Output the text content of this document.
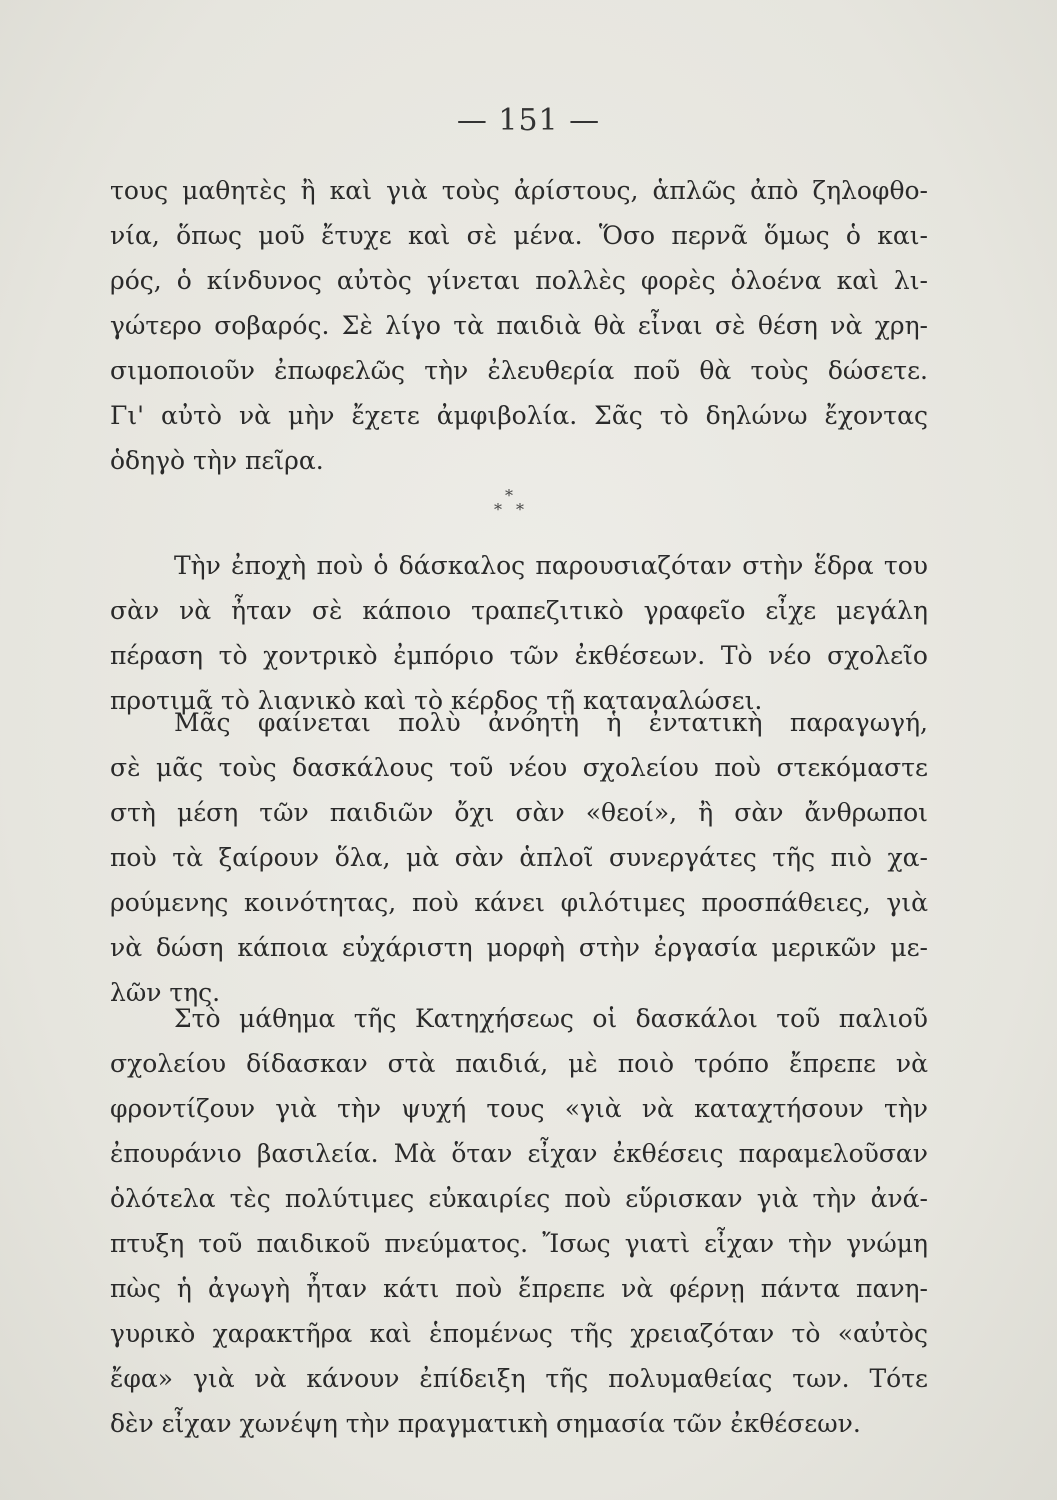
— 151 —
τους μαθητὲς ἢ καὶ γιὰ τοὺς ἀρίστους, ἁπλῶς ἀπὸ ζηλοφθο-
νία, ὅπως μοῦ ἔτυχε καὶ σὲ μένα. Ὅσο περνᾶ ὅμως ὁ και-
ρός, ὁ κίνδυνος αὐτὸς γίνεται πολλὲς φορὲς ὁλοένα καὶ λι-
γώτερο σοβαρός. Σὲ λίγο τὰ παιδιὰ θὰ εἶναι σὲ θέση νὰ χρη-
σιμοποιοῦν ἐπωφελῶς τὴν ἐλευθερία ποῦ θὰ τοὺς δώσετε.
Γι' αὐτὸ νὰ μὴν ἔχετε ἀμφιβολία. Σᾶς τὸ δηλώνω ἔχοντας
ὁδηγὸ τὴν πεῖρα.
*
* *
Τὴν ἐποχὴ ποὺ ὁ δάσκαλος παρουσιαζόταν στὴν ἕδρα του
σὰν νὰ ἦταν σὲ κάποιο τραπεζιτικὸ γραφεῖο εἶχε μεγάλη
πέραση τὸ χοντρικὸ ἐμπόριο τῶν ἐκθέσεων. Τὸ νέο σχολεῖο
προτιμᾶ τὸ λιανικὸ καὶ τὸ κέρδος τῇ καταναλώσει.
Μᾶς φαίνεται πολὺ ἀνόητη ἡ ἐντατικὴ παραγωγή,
σὲ μᾶς τοὺς δασκάλους τοῦ νέου σχολείου ποὺ στεκόμαστε
στὴ μέση τῶν παιδιῶν ὄχι σὰν «θεοί», ἢ σὰν ἄνθρωποι
ποὺ τὰ ξαίρουν ὅλα, μὰ σὰν ἁπλοῖ συνεργάτες τῆς πιὸ χα-
ρούμενης κοινότητας, ποὺ κάνει φιλότιμες προσπάθειες, γιὰ
νὰ δώση κάποια εὐχάριστη μορφὴ στὴν ἐργασία μερικῶν με-
λῶν της.
Στὸ μάθημα τῆς Κατηχήσεως οἱ δασκάλοι τοῦ παλιοῦ
σχολείου δίδασκαν στὰ παιδιά, μὲ ποιὸ τρόπο ἔπρεπε νὰ
φροντίζουν γιὰ τὴν ψυχή τους «γιὰ νὰ καταχτήσουν τὴν
ἐπουράνιο βασιλεία. Μὰ ὅταν εἶχαν ἐκθέσεις παραμελοῦσαν
ὁλότελα τὲς πολύτιμες εὐκαιρίες ποὺ εὕρισκαν γιὰ τὴν ἀνά-
πτυξη τοῦ παιδικοῦ πνεύματος. Ἴσως γιατὶ εἶχαν τὴν γνώμη
πὼς ἡ ἀγωγὴ ἦταν κάτι ποὺ ἔπρεπε νὰ φέρνῃ πάντα πανη-
γυρικὸ χαρακτῆρα καὶ ἑπομένως τῆς χρειαζόταν τὸ «αὐτὸς
ἔφα» γιὰ νὰ κάνουν ἐπίδειξη τῆς πολυμαθείας των. Τότε
δὲν εἶχαν χωνέψη τὴν πραγματικὴ σημασία τῶν ἐκθέσεων.
